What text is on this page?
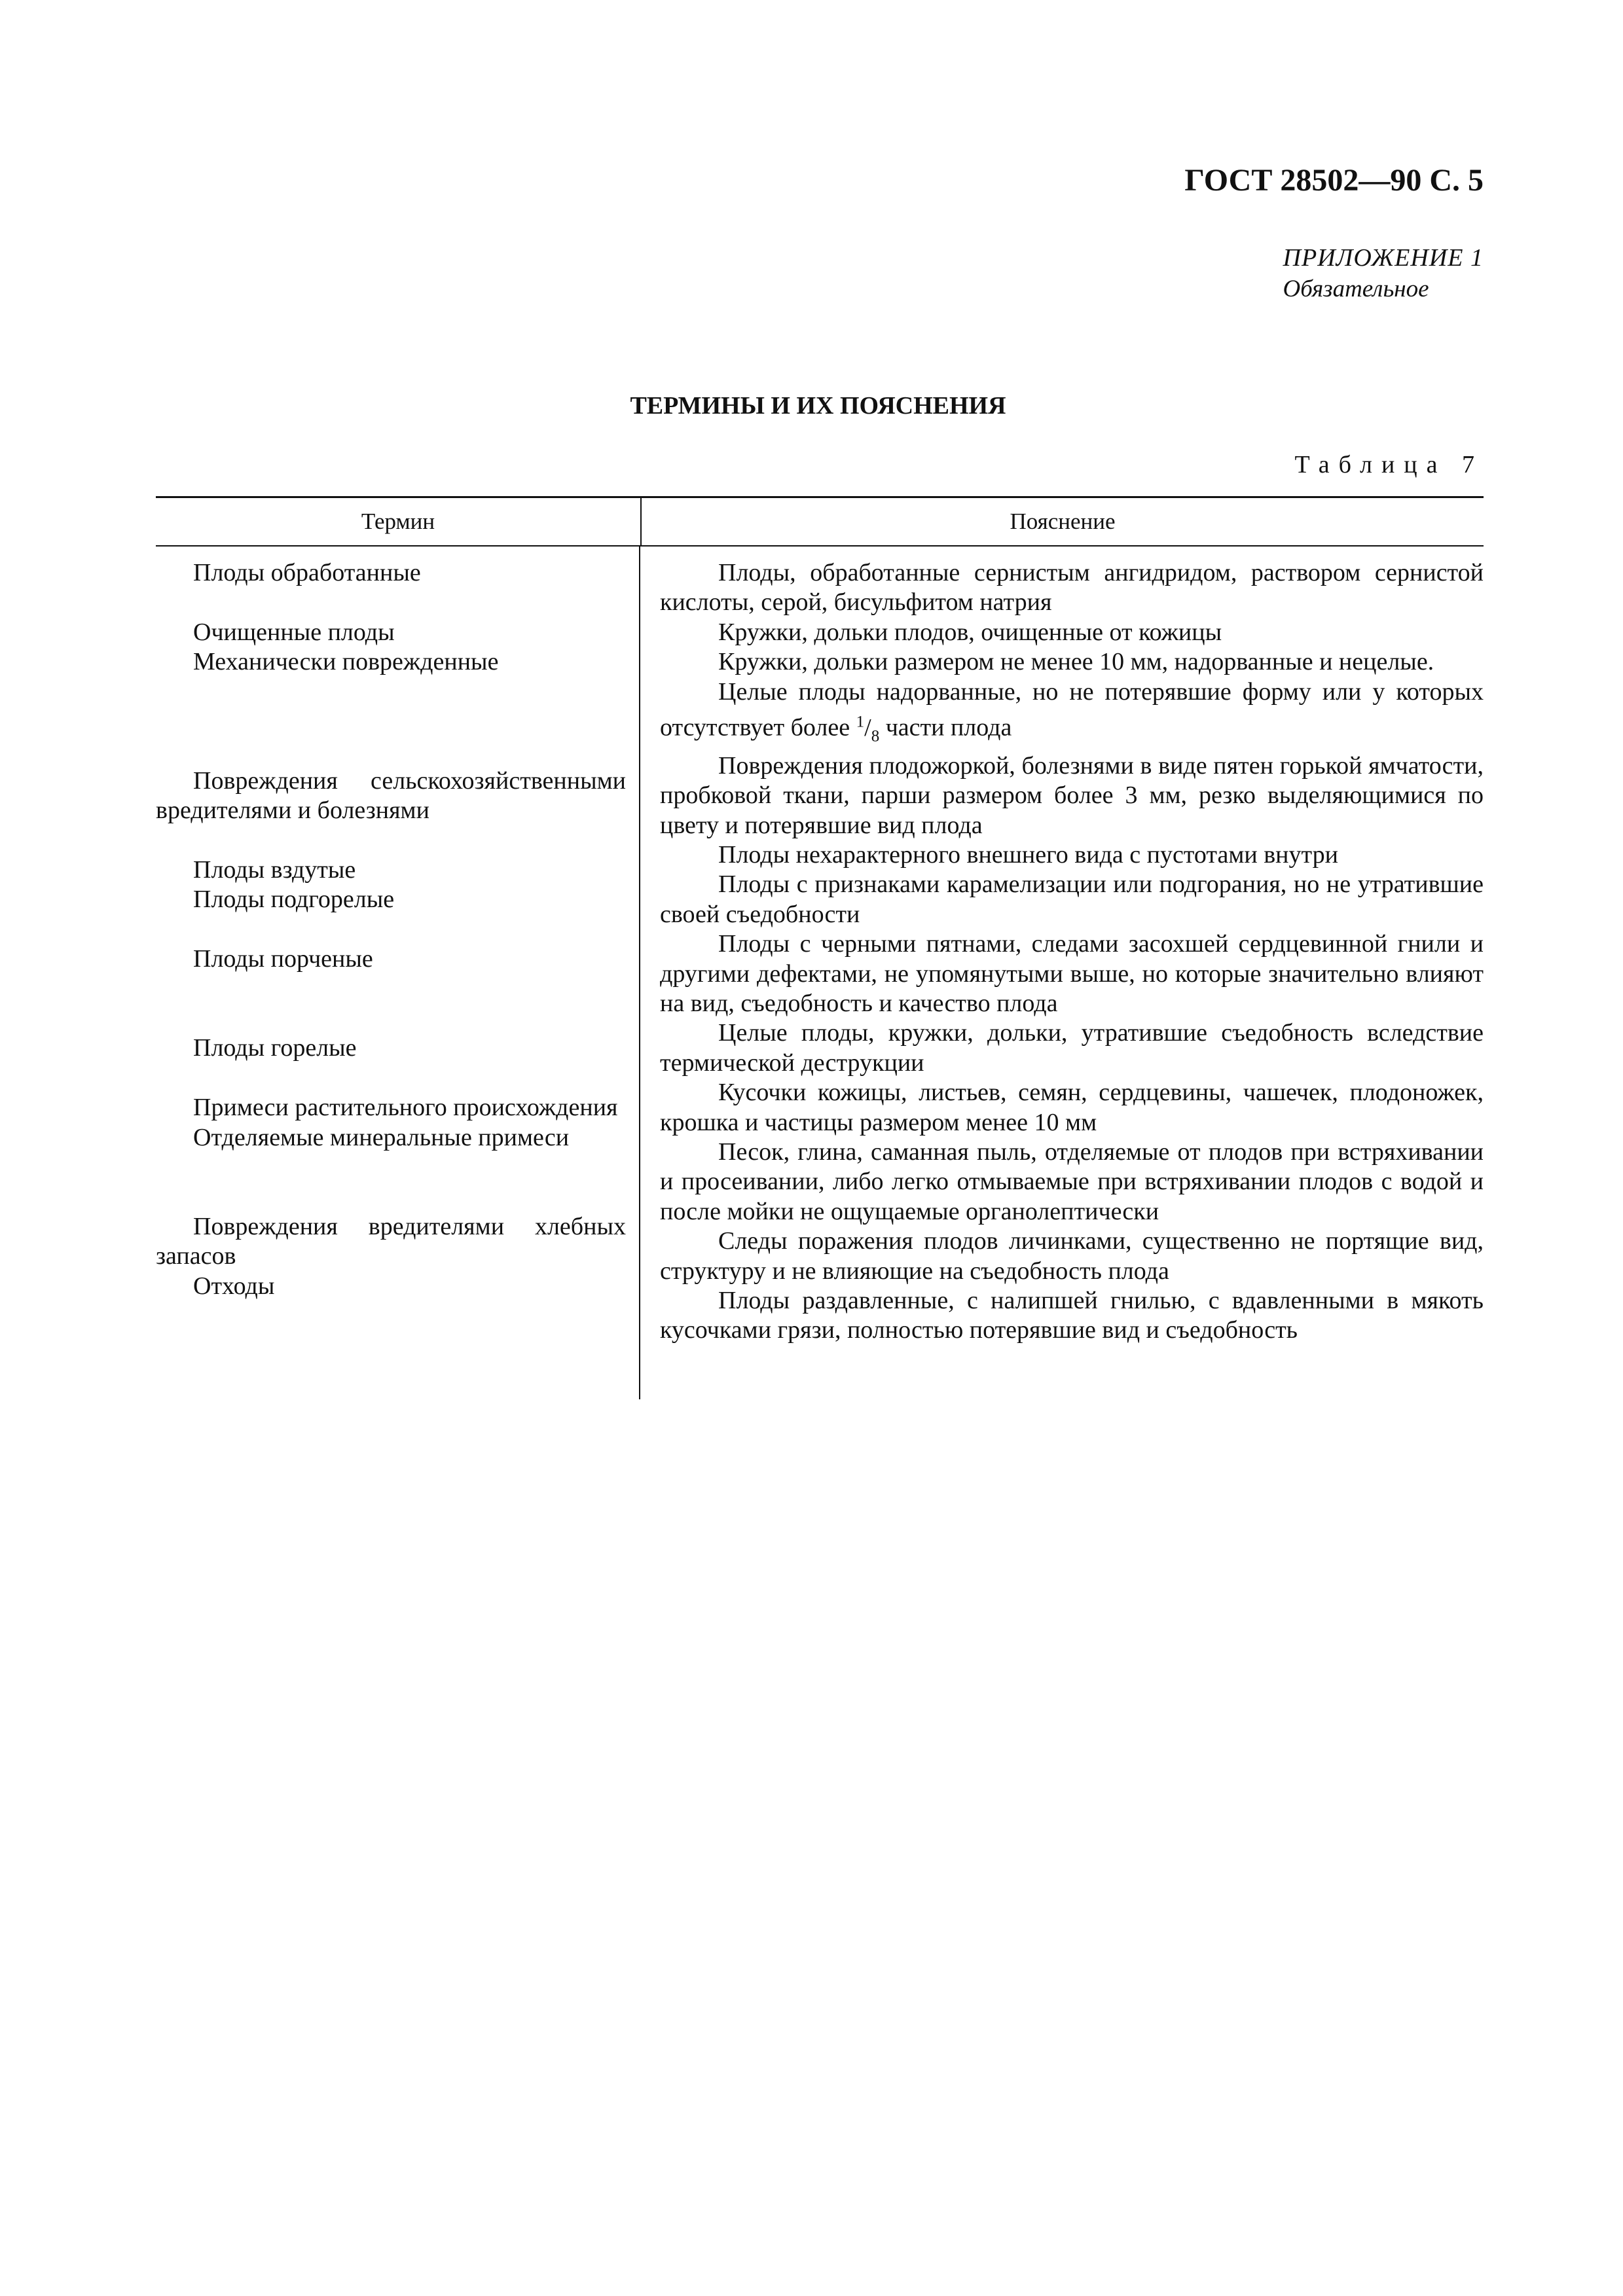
ГОСТ 28502—90 С. 5
ПРИЛОЖЕНИЕ 1
Обязательное
ТЕРМИНЫ И ИХ ПОЯСНЕНИЯ
Таблица 7
Термин	Пояснение
Плоды обработанные
Очищенные плоды
Механически поврежденные
Повреждения сельскохозяйственными вредителями и болезнями
Плоды вздутые
Плоды подгорелые
Плоды порченые
Плоды горелые
Примеси растительного происхождения
Отделяемые минеральные примеси
Повреждения вредителями хлебных запасов
Отходы
Плоды, обработанные сернистым ангидридом, раствором сернистой кислоты, серой, бисульфитом натрия
Кружки, дольки плодов, очищенные от кожицы
Кружки, дольки размером не менее 10 мм, надорванные и нецелые.
Целые плоды надорванные, но не потерявшие форму или у которых отсутствует более $^1/_8$ части плода
Повреждения плодожоркой, болезнями в виде пятен горькой ямчатости, пробковой ткани, парши размером более 3 мм, резко выделяющимися по цвету и потерявшие вид плода
Плоды нехарактерного внешнего вида с пустотами внутри
Плоды с признаками карамелизации или подгорания, но не утратившие своей съедобности
Плоды с черными пятнами, следами засохшей сердцевинной гнили и другими дефектами, не упомянутыми выше, но которые значительно влияют на вид, съедобность и качество плода
Целые плоды, кружки, дольки, утратившие съедобность вследствие термической деструкции
Кусочки кожицы, листьев, семян, сердцевины, чашечек, плодоножек, крошка и частицы размером менее 10 мм
Песок, глина, саманная пыль, отделяемые от плодов при встряхивании и просеивании, либо легко отмываемые при встряхивании плодов с водой и после мойки не ощущаемые органолептически
Следы поражения плодов личинками, существенно не портящие вид, структуру и не влияющие на съедобность плода
Плоды раздавленные, с налипшей гнилью, с вдавленными в мякоть кусочками грязи, полностью потерявшие вид и съедобность
